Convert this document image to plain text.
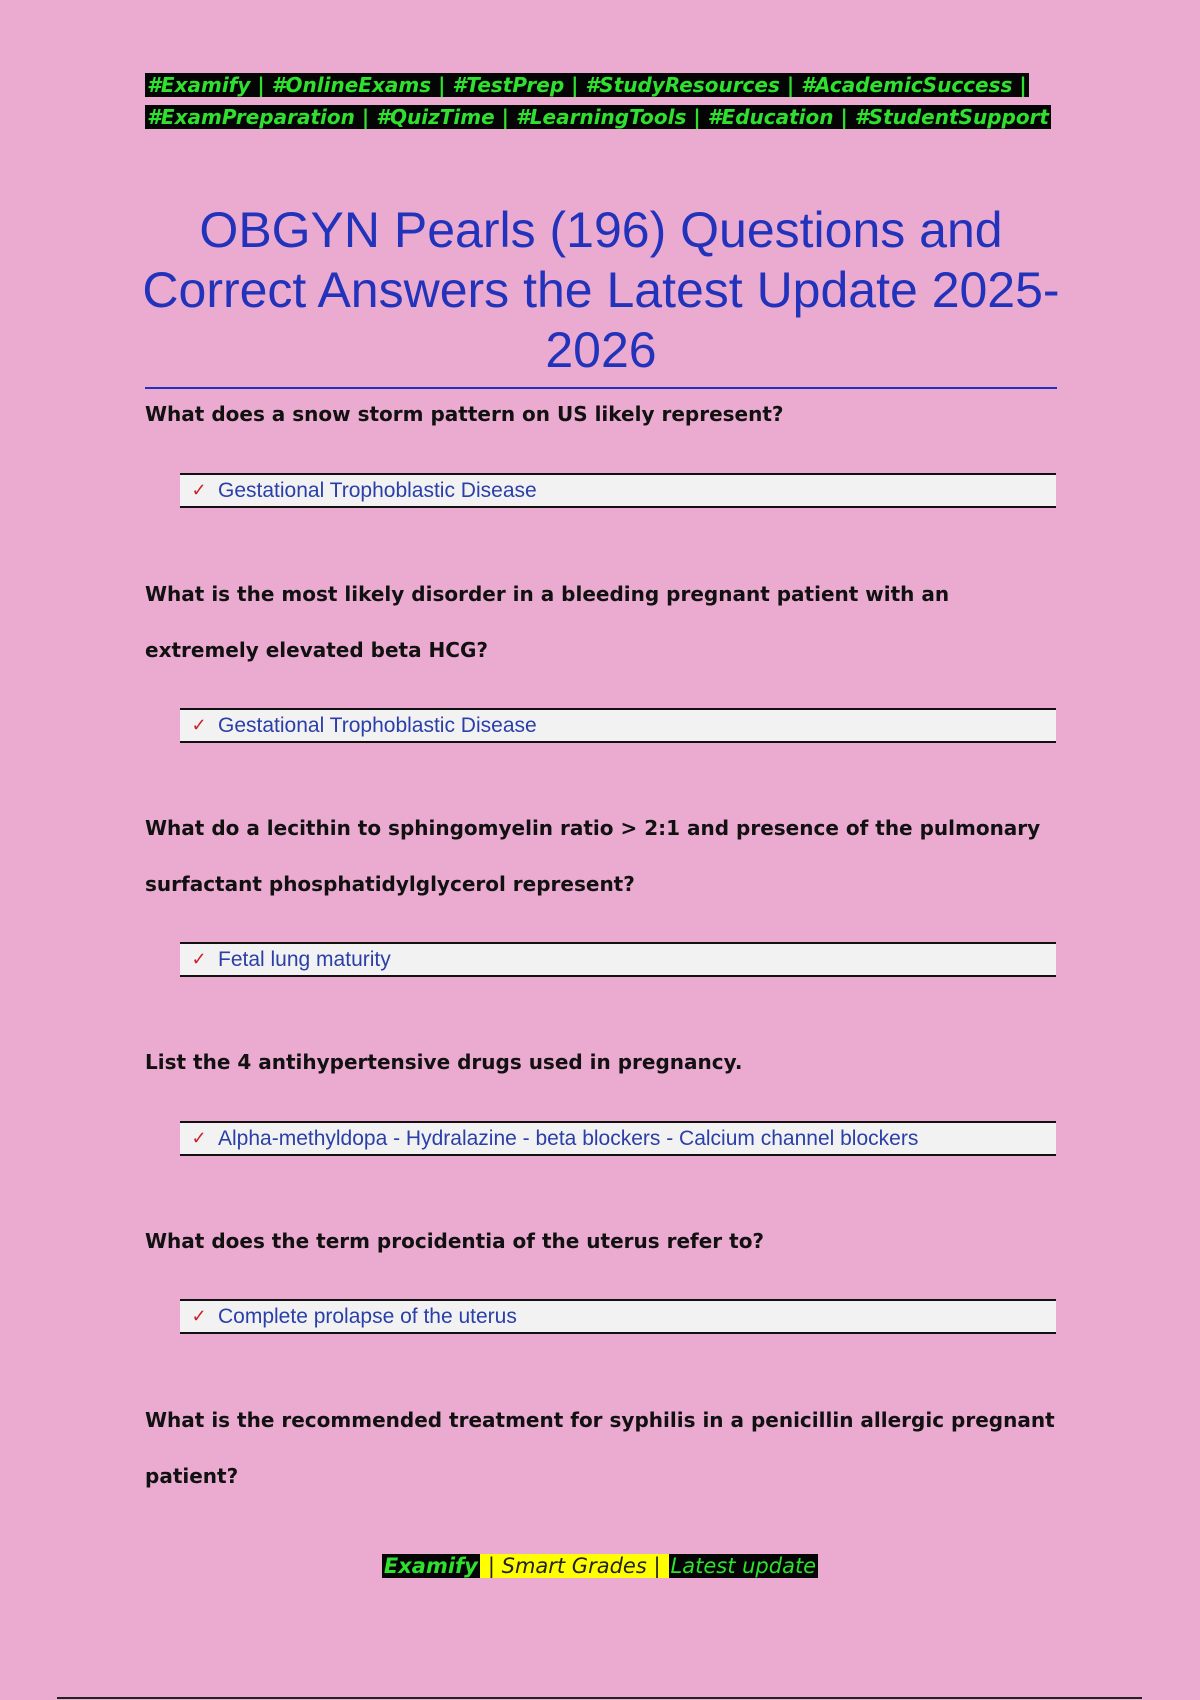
#Examify | #OnlineExams | #TestPrep | #StudyResources | #AcademicSuccess |
#ExamPreparation | #QuizTime | #LearningTools | #Education | #StudentSupport
OBGYN Pearls (196) Questions and Correct Answers the Latest Update 2025-2026
What does a snow storm pattern on US likely represent?
✓ Gestational Trophoblastic Disease
What is the most likely disorder in a bleeding pregnant patient with an extremely elevated beta HCG?
✓ Gestational Trophoblastic Disease
What do a lecithin to sphingomyelin ratio > 2:1 and presence of the pulmonary surfactant phosphatidylglycerol represent?
✓ Fetal lung maturity
List the 4 antihypertensive drugs used in pregnancy.
✓ Alpha-methyldopa - Hydralazine - beta blockers - Calcium channel blockers
What does the term procidentia of the uterus refer to?
✓ Complete prolapse of the uterus
What is the recommended treatment for syphilis in a penicillin allergic pregnant patient?
Examify | Smart Grades | Latest update
